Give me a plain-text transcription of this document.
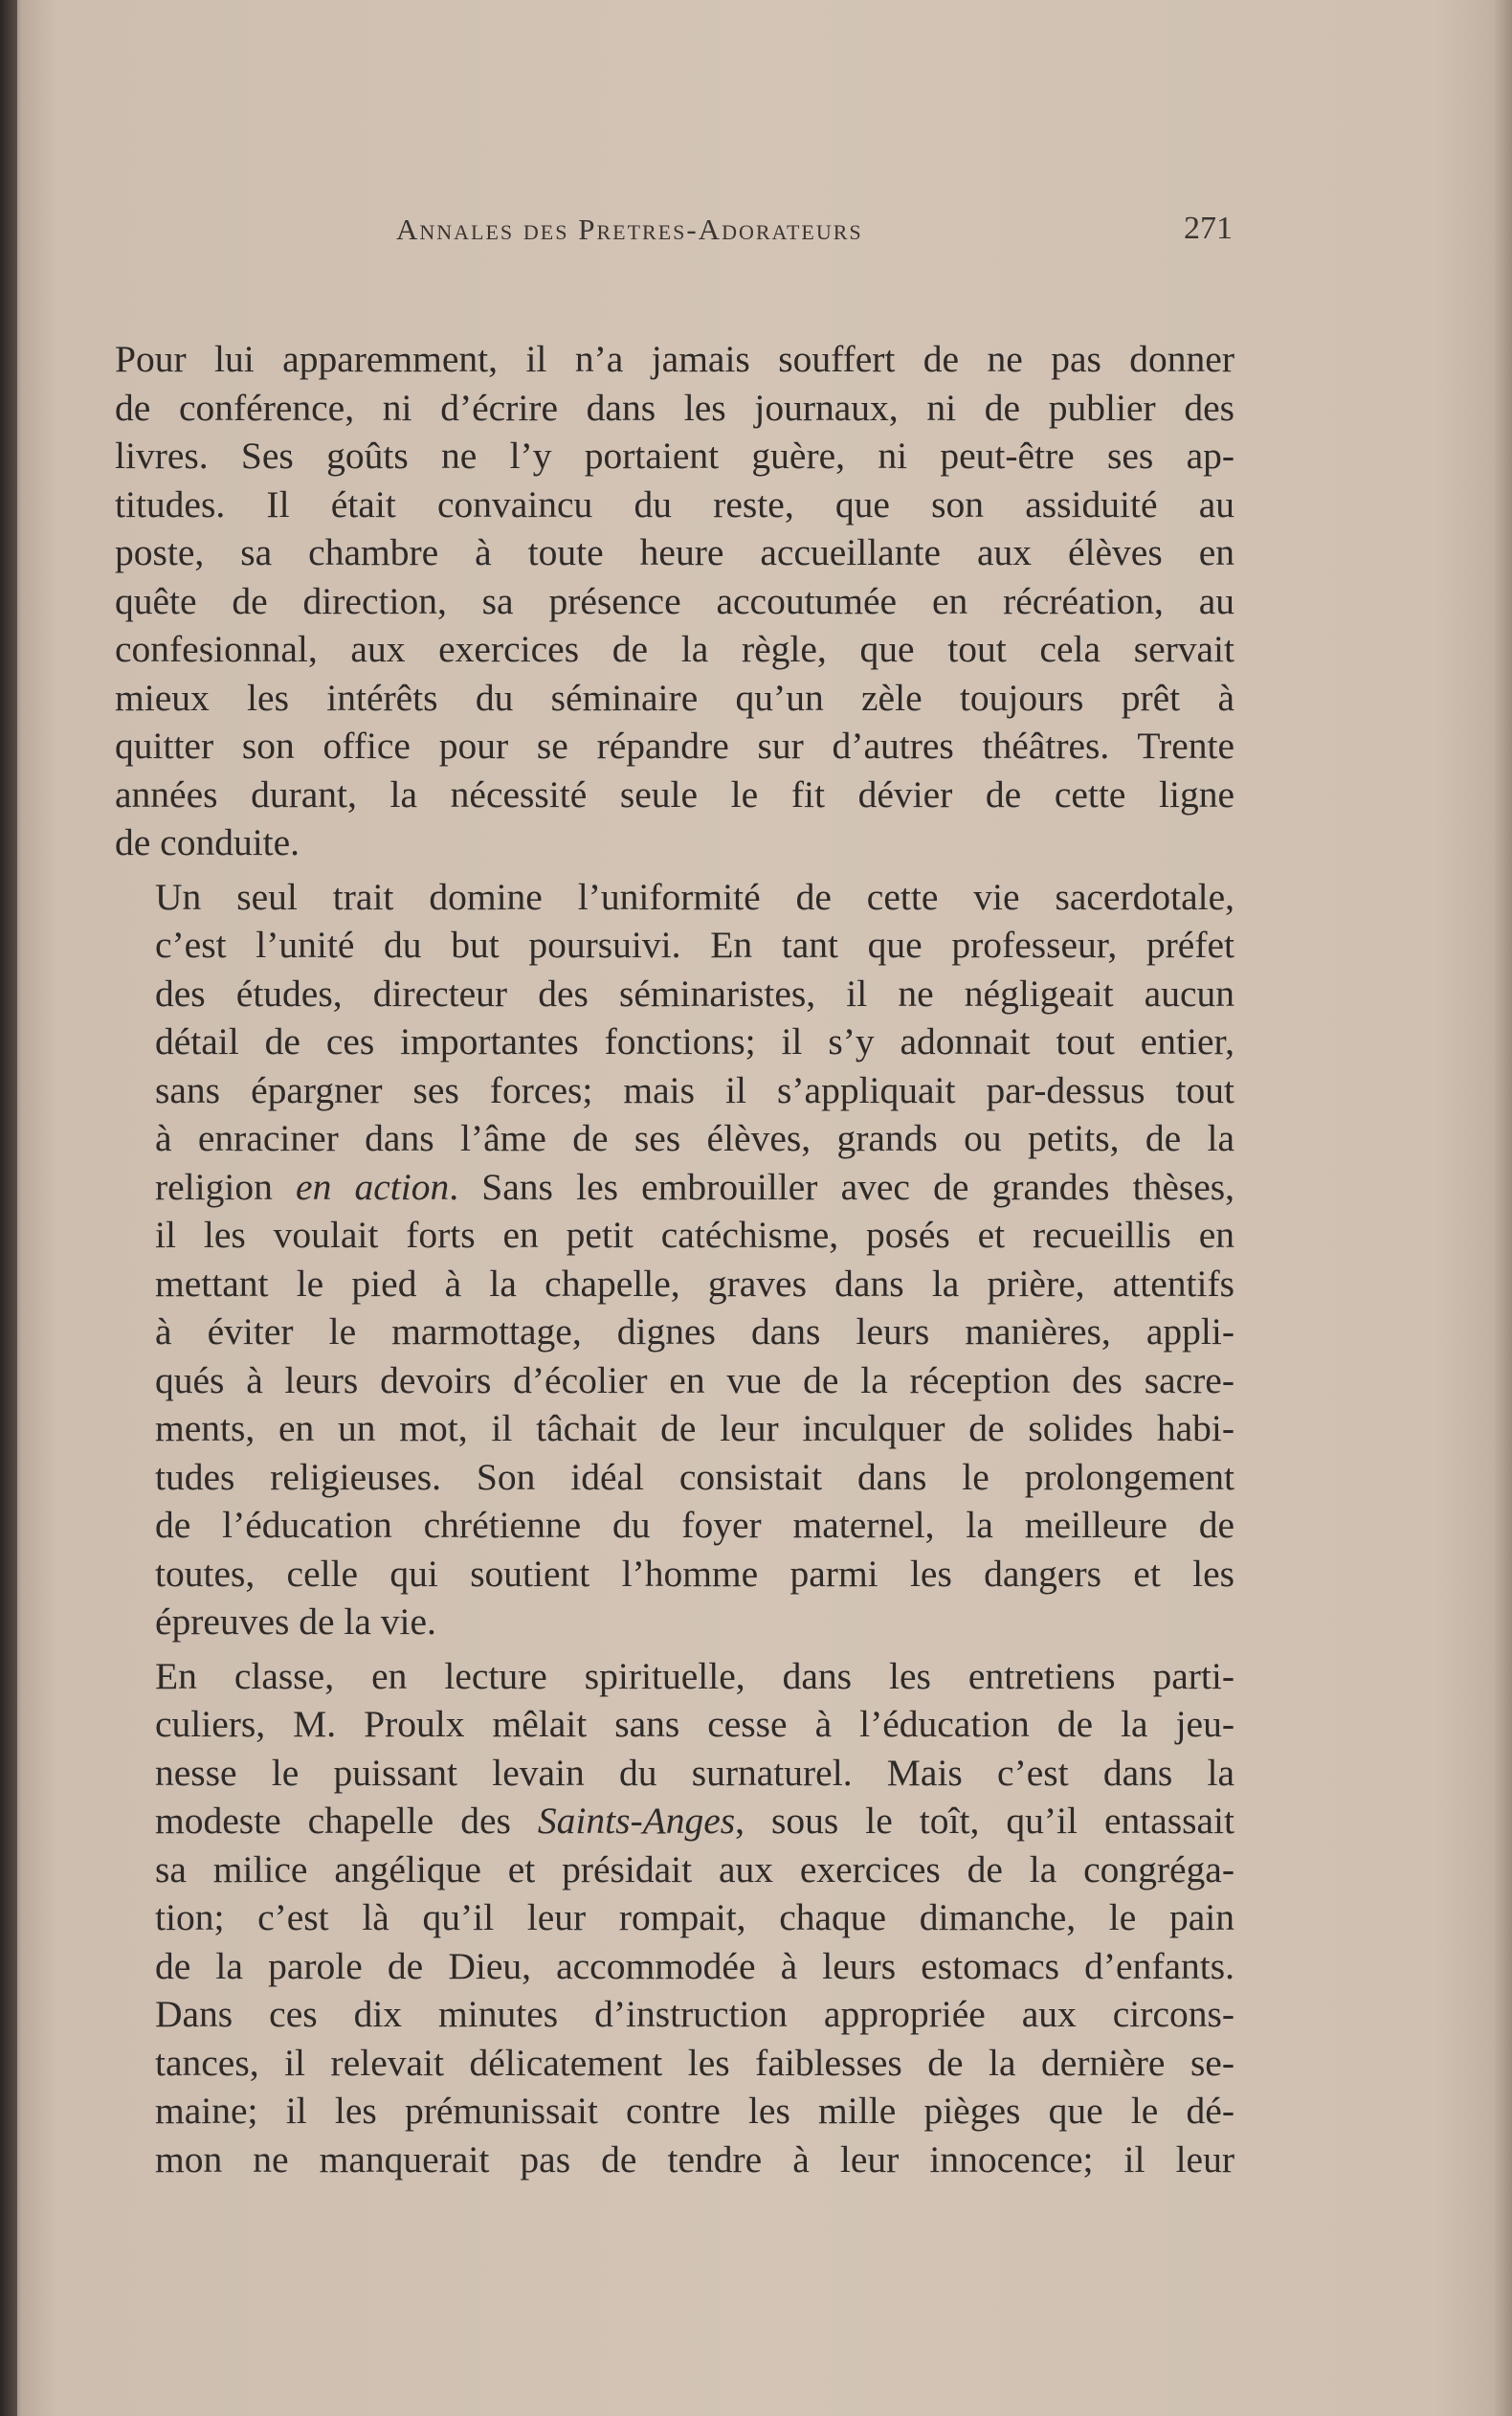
Annales des Pretres-Adorateurs	271

Pour lui apparemment, il n’a jamais souffert de ne pas donner
de conférence, ni d’écrire dans les journaux, ni de publier des
livres. Ses goûts ne l’y portaient guère, ni peut-être ses ap-
titudes. Il était convaincu du reste, que son assiduité au
poste, sa chambre à toute heure accueillante aux élèves en
quête de direction, sa présence accoutumée en récréation, au
confesionnal, aux exercices de la règle, que tout cela servait
mieux les intérêts du séminaire qu’un zèle toujours prêt à
quitter son office pour se répandre sur d’autres théâtres. Trente
années durant, la nécessité seule le fit dévier de cette ligne
de conduite.

Un seul trait domine l’uniformité de cette vie sacerdotale,
c’est l’unité du but poursuivi. En tant que professeur, préfet
des études, directeur des séminaristes, il ne négligeait aucun
détail de ces importantes fonctions; il s’y adonnait tout entier,
sans épargner ses forces; mais il s’appliquait par-dessus tout
à enraciner dans l’âme de ses élèves, grands ou petits, de la
religion en action. Sans les embrouiller avec de grandes thèses,
il les voulait forts en petit catéchisme, posés et recueillis en
mettant le pied à la chapelle, graves dans la prière, attentifs
à éviter le marmottage, dignes dans leurs manières, appli-
qués à leurs devoirs d’écolier en vue de la réception des sacre-
ments, en un mot, il tâchait de leur inculquer de solides habi-
tudes religieuses. Son idéal consistait dans le prolongement
de l’éducation chrétienne du foyer maternel, la meilleure de
toutes, celle qui soutient l’homme parmi les dangers et les
épreuves de la vie.

En classe, en lecture spirituelle, dans les entretiens parti-
culiers, M. Proulx mêlait sans cesse à l’éducation de la jeu-
nesse le puissant levain du surnaturel. Mais c’est dans la
modeste chapelle des Saints-Anges, sous le toît, qu’il entassait
sa milice angélique et présidait aux exercices de la congréga-
tion; c’est là qu’il leur rompait, chaque dimanche, le pain
de la parole de Dieu, accommodée à leurs estomacs d’enfants.
Dans ces dix minutes d’instruction appropriée aux circons-
tances, il relevait délicatement les faiblesses de la dernière se-
maine; il les prémunissait contre les mille pièges que le dé-
mon ne manquerait pas de tendre à leur innocence; il leur
